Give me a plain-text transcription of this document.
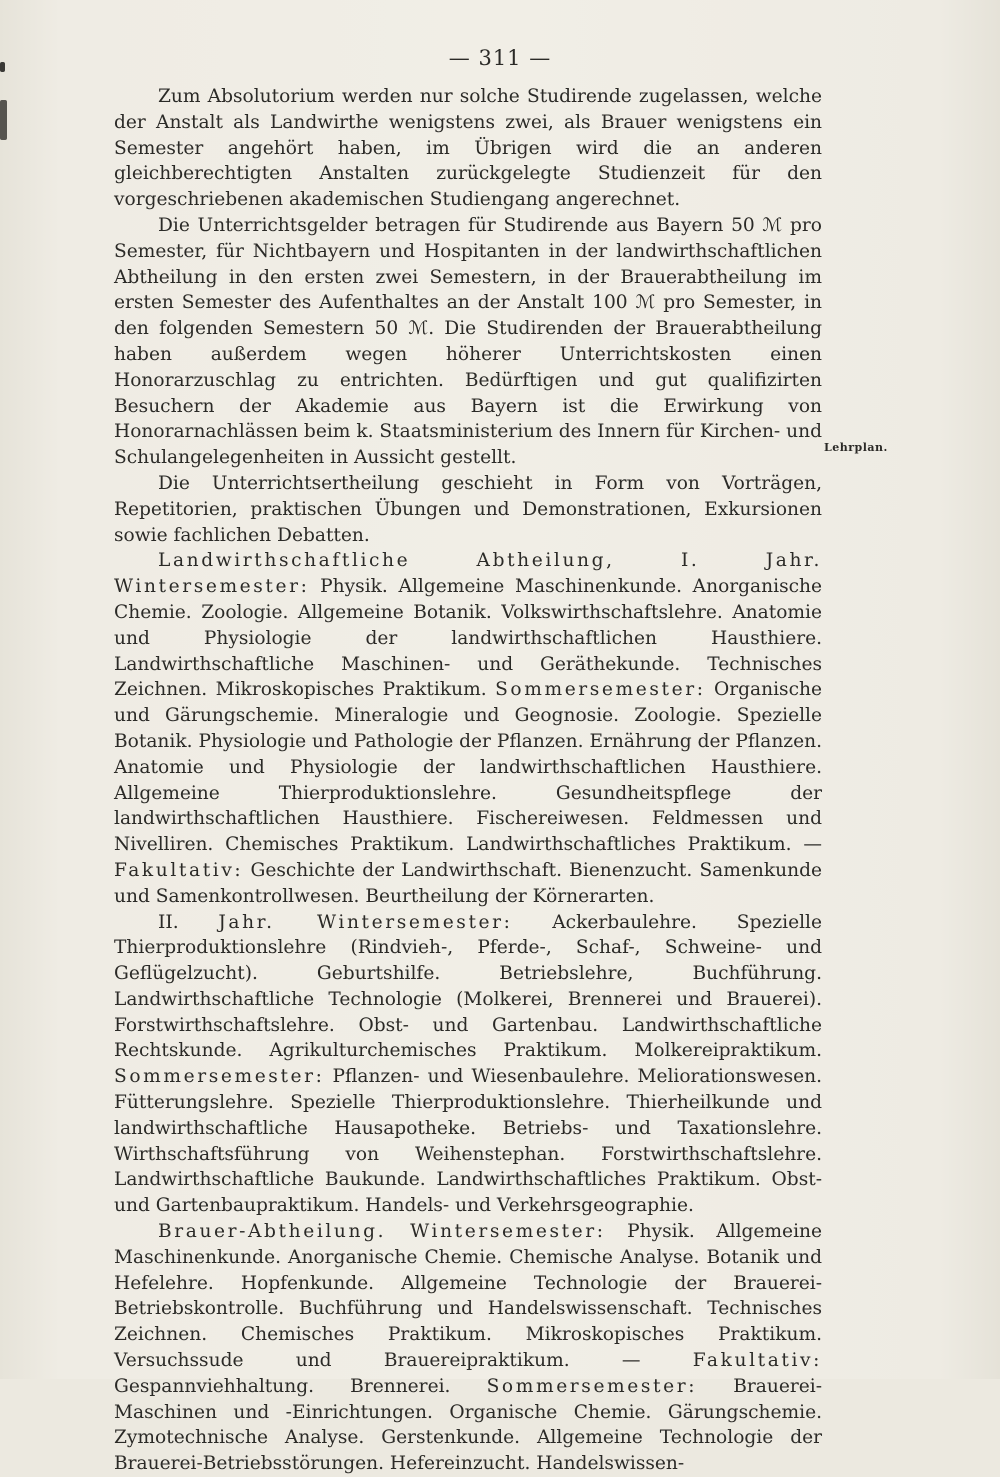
— 311 —
Lehrplan.

Zum Absolutorium werden nur solche Studirende zugelassen, welche der Anstalt als Landwirthe wenigstens zwei, als Brauer wenigstens ein Semester angehört haben, im Übrigen wird die an anderen gleichberechtigten Anstalten zurückgelegte Studienzeit für den vorgeschriebenen akademischen Studiengang angerechnet.

Die Unterrichtsgelder betragen für Studirende aus Bayern 50 ℳ pro Semester, für Nichtbayern und Hospitanten in der landwirthschaftlichen Abtheilung in den ersten zwei Semestern, in der Brauerabtheilung im ersten Semester des Aufenthaltes an der Anstalt 100 ℳ pro Semester, in den folgenden Semestern 50 ℳ. Die Studirenden der Brauerabtheilung haben außerdem wegen höherer Unterrichtskosten einen Honorarzuschlag zu entrichten. Bedürftigen und gut qualifizirten Besuchern der Akademie aus Bayern ist die Erwirkung von Honorarnachlässen beim k. Staatsministerium des Innern für Kirchen- und Schulangelegenheiten in Aussicht gestellt.

Die Unterrichtsertheilung geschieht in Form von Vorträgen, Repetitorien, praktischen Übungen und Demonstrationen, Exkursionen sowie fachlichen Debatten.

Landwirthschaftliche Abtheilung, I. Jahr. Wintersemester: Physik. Allgemeine Maschinenkunde. Anorganische Chemie. Zoologie. Allgemeine Botanik. Volkswirthschaftslehre. Anatomie und Physiologie der landwirthschaftlichen Hausthiere. Landwirthschaftliche Maschinen- und Geräthekunde. Technisches Zeichnen. Mikroskopisches Praktikum. Sommersemester: Organische und Gärungschemie. Mineralogie und Geognosie. Zoologie. Spezielle Botanik. Physiologie und Pathologie der Pflanzen. Ernährung der Pflanzen. Anatomie und Physiologie der landwirthschaftlichen Hausthiere. Allgemeine Thierproduktionslehre. Gesundheitspflege der landwirthschaftlichen Hausthiere. Fischereiwesen. Feldmessen und Nivelliren. Chemisches Praktikum. Landwirthschaftliches Praktikum. — Fakultativ: Geschichte der Landwirthschaft. Bienenzucht. Samenkunde und Samenkontrollwesen. Beurtheilung der Körnerarten.

II. Jahr. Wintersemester: Ackerbaulehre. Spezielle Thierproduktionslehre (Rindvieh-, Pferde-, Schaf-, Schweine- und Geflügelzucht). Geburtshilfe. Betriebslehre, Buchführung. Landwirthschaftliche Technologie (Molkerei, Brennerei und Brauerei). Forstwirthschaftslehre. Obst- und Gartenbau. Landwirthschaftliche Rechtskunde. Agrikulturchemisches Praktikum. Molkereipraktikum. Sommersemester: Pflanzen- und Wiesenbaulehre. Meliorationswesen. Fütterungslehre. Spezielle Thierproduktionslehre. Thierheilkunde und landwirthschaftliche Hausapotheke. Betriebs- und Taxationslehre. Wirthschaftsführung von Weihenstephan. Forstwirthschaftslehre. Landwirthschaftliche Baukunde. Landwirthschaftliches Praktikum. Obst- und Gartenbaupraktikum. Handels- und Verkehrsgeographie.

Brauer-Abtheilung. Wintersemester: Physik. Allgemeine Maschinenkunde. Anorganische Chemie. Chemische Analyse. Botanik und Hefelehre. Hopfenkunde. Allgemeine Technologie der Brauerei-Betriebskontrolle. Buchführung und Handelswissenschaft. Technisches Zeichnen. Chemisches Praktikum. Mikroskopisches Praktikum. Versuchssude und Brauereipraktikum. — Fakultativ: Gespannviehhaltung. Brennerei. Sommersemester: Brauerei-Maschinen und -Einrichtungen. Organische Chemie. Gärungschemie. Zymotechnische Analyse. Gerstenkunde. Allgemeine Technologie der Brauerei-Betriebsstörungen. Hefereinzucht. Handelswissen-
